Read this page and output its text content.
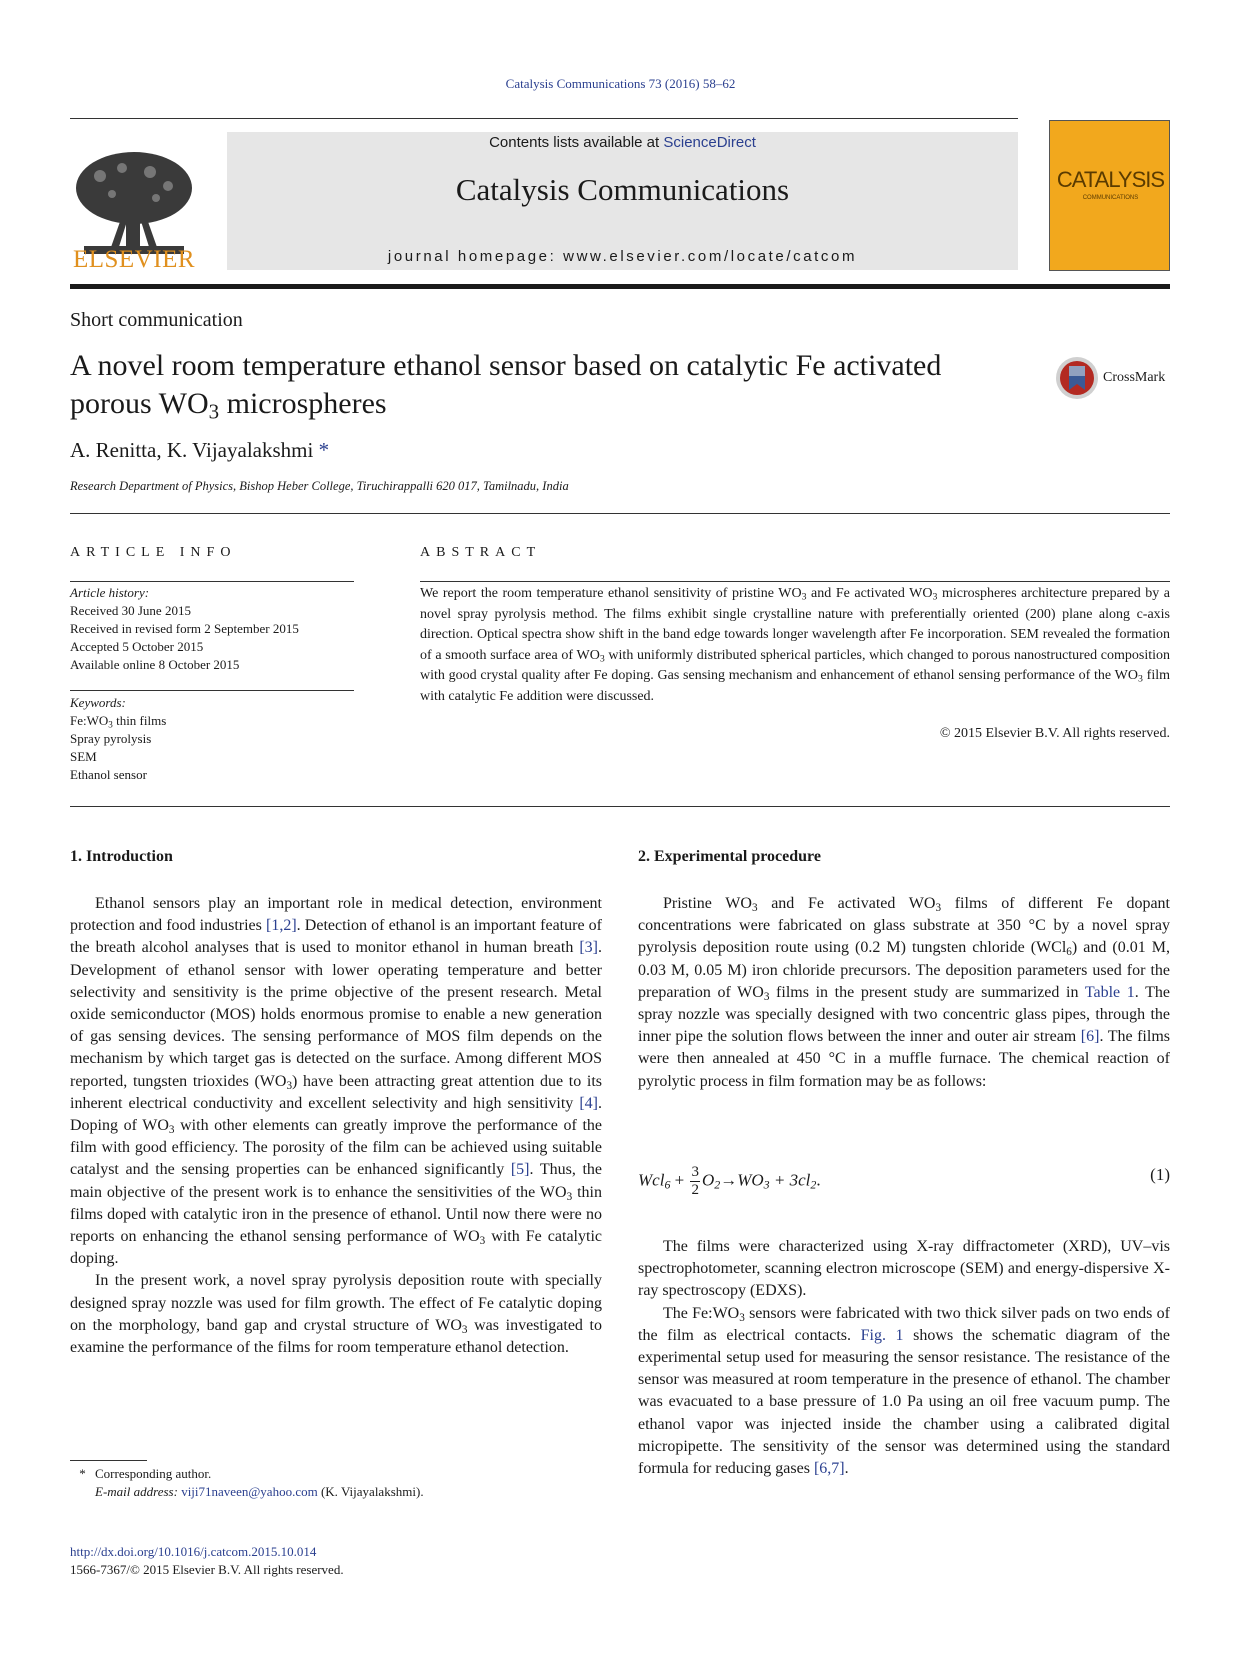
Catalysis Communications 73 (2016) 58–62
ELSEVIER
Contents lists available at ScienceDirect
Catalysis Communications
journal homepage: www.elsevier.com/locate/catcom
CATALYSIS
COMMUNICATIONS
Short communication
A novel room temperature ethanol sensor based on catalytic Fe activated
porous $WO_3$ microspheres
CrossMark
A. Renitta, K. Vijayalakshmi *
Research Department of Physics, Bishop Heber College, Tiruchirappalli 620 017, Tamilnadu, India
ARTICLE INFO	ABSTRACT
Article history:
Received 30 June 2015
Received in revised form 2 September 2015
Accepted 5 October 2015
Available online 8 October 2015
Keywords:
$Fe:WO_3$ thin films
Spray pyrolysis
SEM
Ethanol sensor
We report the room temperature ethanol sensitivity of pristine $WO_3$ and Fe activated $WO_3$ microspheres architecture prepared by a novel spray pyrolysis method. The films exhibit single crystalline nature with preferentially oriented (200) plane along c-axis direction. Optical spectra show shift in the band edge towards longer wavelength after Fe incorporation. SEM revealed the formation of a smooth surface area of $WO_3$ with uniformly distributed spherical particles, which changed to porous nanostructured composition with good crystal quality after Fe doping. Gas sensing mechanism and enhancement of ethanol sensing performance of the $WO_3$ film with catalytic Fe addition were discussed.
© 2015 Elsevier B.V. All rights reserved.
1. Introduction	2. Experimental procedure

Ethanol sensors play an important role in medical detection, environment protection and food industries [1,2]. Detection of ethanol is an important feature of the breath alcohol analyses that is used to monitor ethanol in human breath [3]. Development of ethanol sensor with lower operating temperature and better selectivity and sensitivity is the prime objective of the present research. Metal oxide semiconductor (MOS) holds enormous promise to enable a new generation of gas sensing devices. The sensing performance of MOS film depends on the mechanism by which target gas is detected on the surface. Among different MOS reported, tungsten trioxides $(WO_3)$ have been attracting great attention due to its inherent electrical conductivity and excellent selectivity and high sensitivity [4]. Doping of $WO_3$ with other elements can greatly improve the performance of the film with good efficiency. The porosity of the film can be achieved using suitable catalyst and the sensing properties can be enhanced significantly [5]. Thus, the main objective of the present work is to enhance the sensitivities of the $WO_3$ thin films doped with catalytic iron in the presence of ethanol. Until now there were no reports on enhancing the ethanol sensing performance of $WO_3$ with Fe catalytic doping.

In the present work, a novel spray pyrolysis deposition route with specially designed spray nozzle was used for film growth. The effect of Fe catalytic doping on the morphology, band gap and crystal structure of $WO_3$ was investigated to examine the performance of the films for room temperature ethanol detection.

Pristine $WO_3$ and Fe activated $WO_3$ films of different Fe dopant concentrations were fabricated on glass substrate at 350 °C by a novel spray pyrolysis deposition route using (0.2 M) tungsten chloride (WCl$_6$) and (0.01 M, 0.03 M, 0.05 M) iron chloride precursors. The deposition parameters used for the preparation of $WO_3$ films in the present study are summarized in Table 1. The spray nozzle was specially designed with two concentric glass pipes, through the inner pipe the solution flows between the inner and outer air stream [6]. The films were then annealed at 450 °C in a muffle furnace. The chemical reaction of pyrolytic process in film formation may be as follows:

$Wcl_6 + \frac{3}{2} O_2\to WO_3 + 3cl_2$.	(1)

The films were characterized using X-ray diffractometer (XRD), UV–vis spectrophotometer, scanning electron microscope (SEM) and energy-dispersive X-ray spectroscopy (EDXS).

The $Fe:WO_3$ sensors were fabricated with two thick silver pads on two ends of the film as electrical contacts. Fig. 1 shows the schematic diagram of the experimental setup used for measuring the sensor resistance. The resistance of the sensor was measured at room temperature in the presence of ethanol. The chamber was evacuated to a base pressure of 1.0 Pa using an oil free vacuum pump. The ethanol vapor was injected inside the chamber using a calibrated digital micropipette. The sensitivity of the sensor was determined using the standard formula for reducing gases [6,7].

* Corresponding author.
E-mail address: viji71naveen@yahoo.com (K. Vijayalakshmi).
http://dx.doi.org/10.1016/j.catcom.2015.10.014
1566-7367/© 2015 Elsevier B.V. All rights reserved.
